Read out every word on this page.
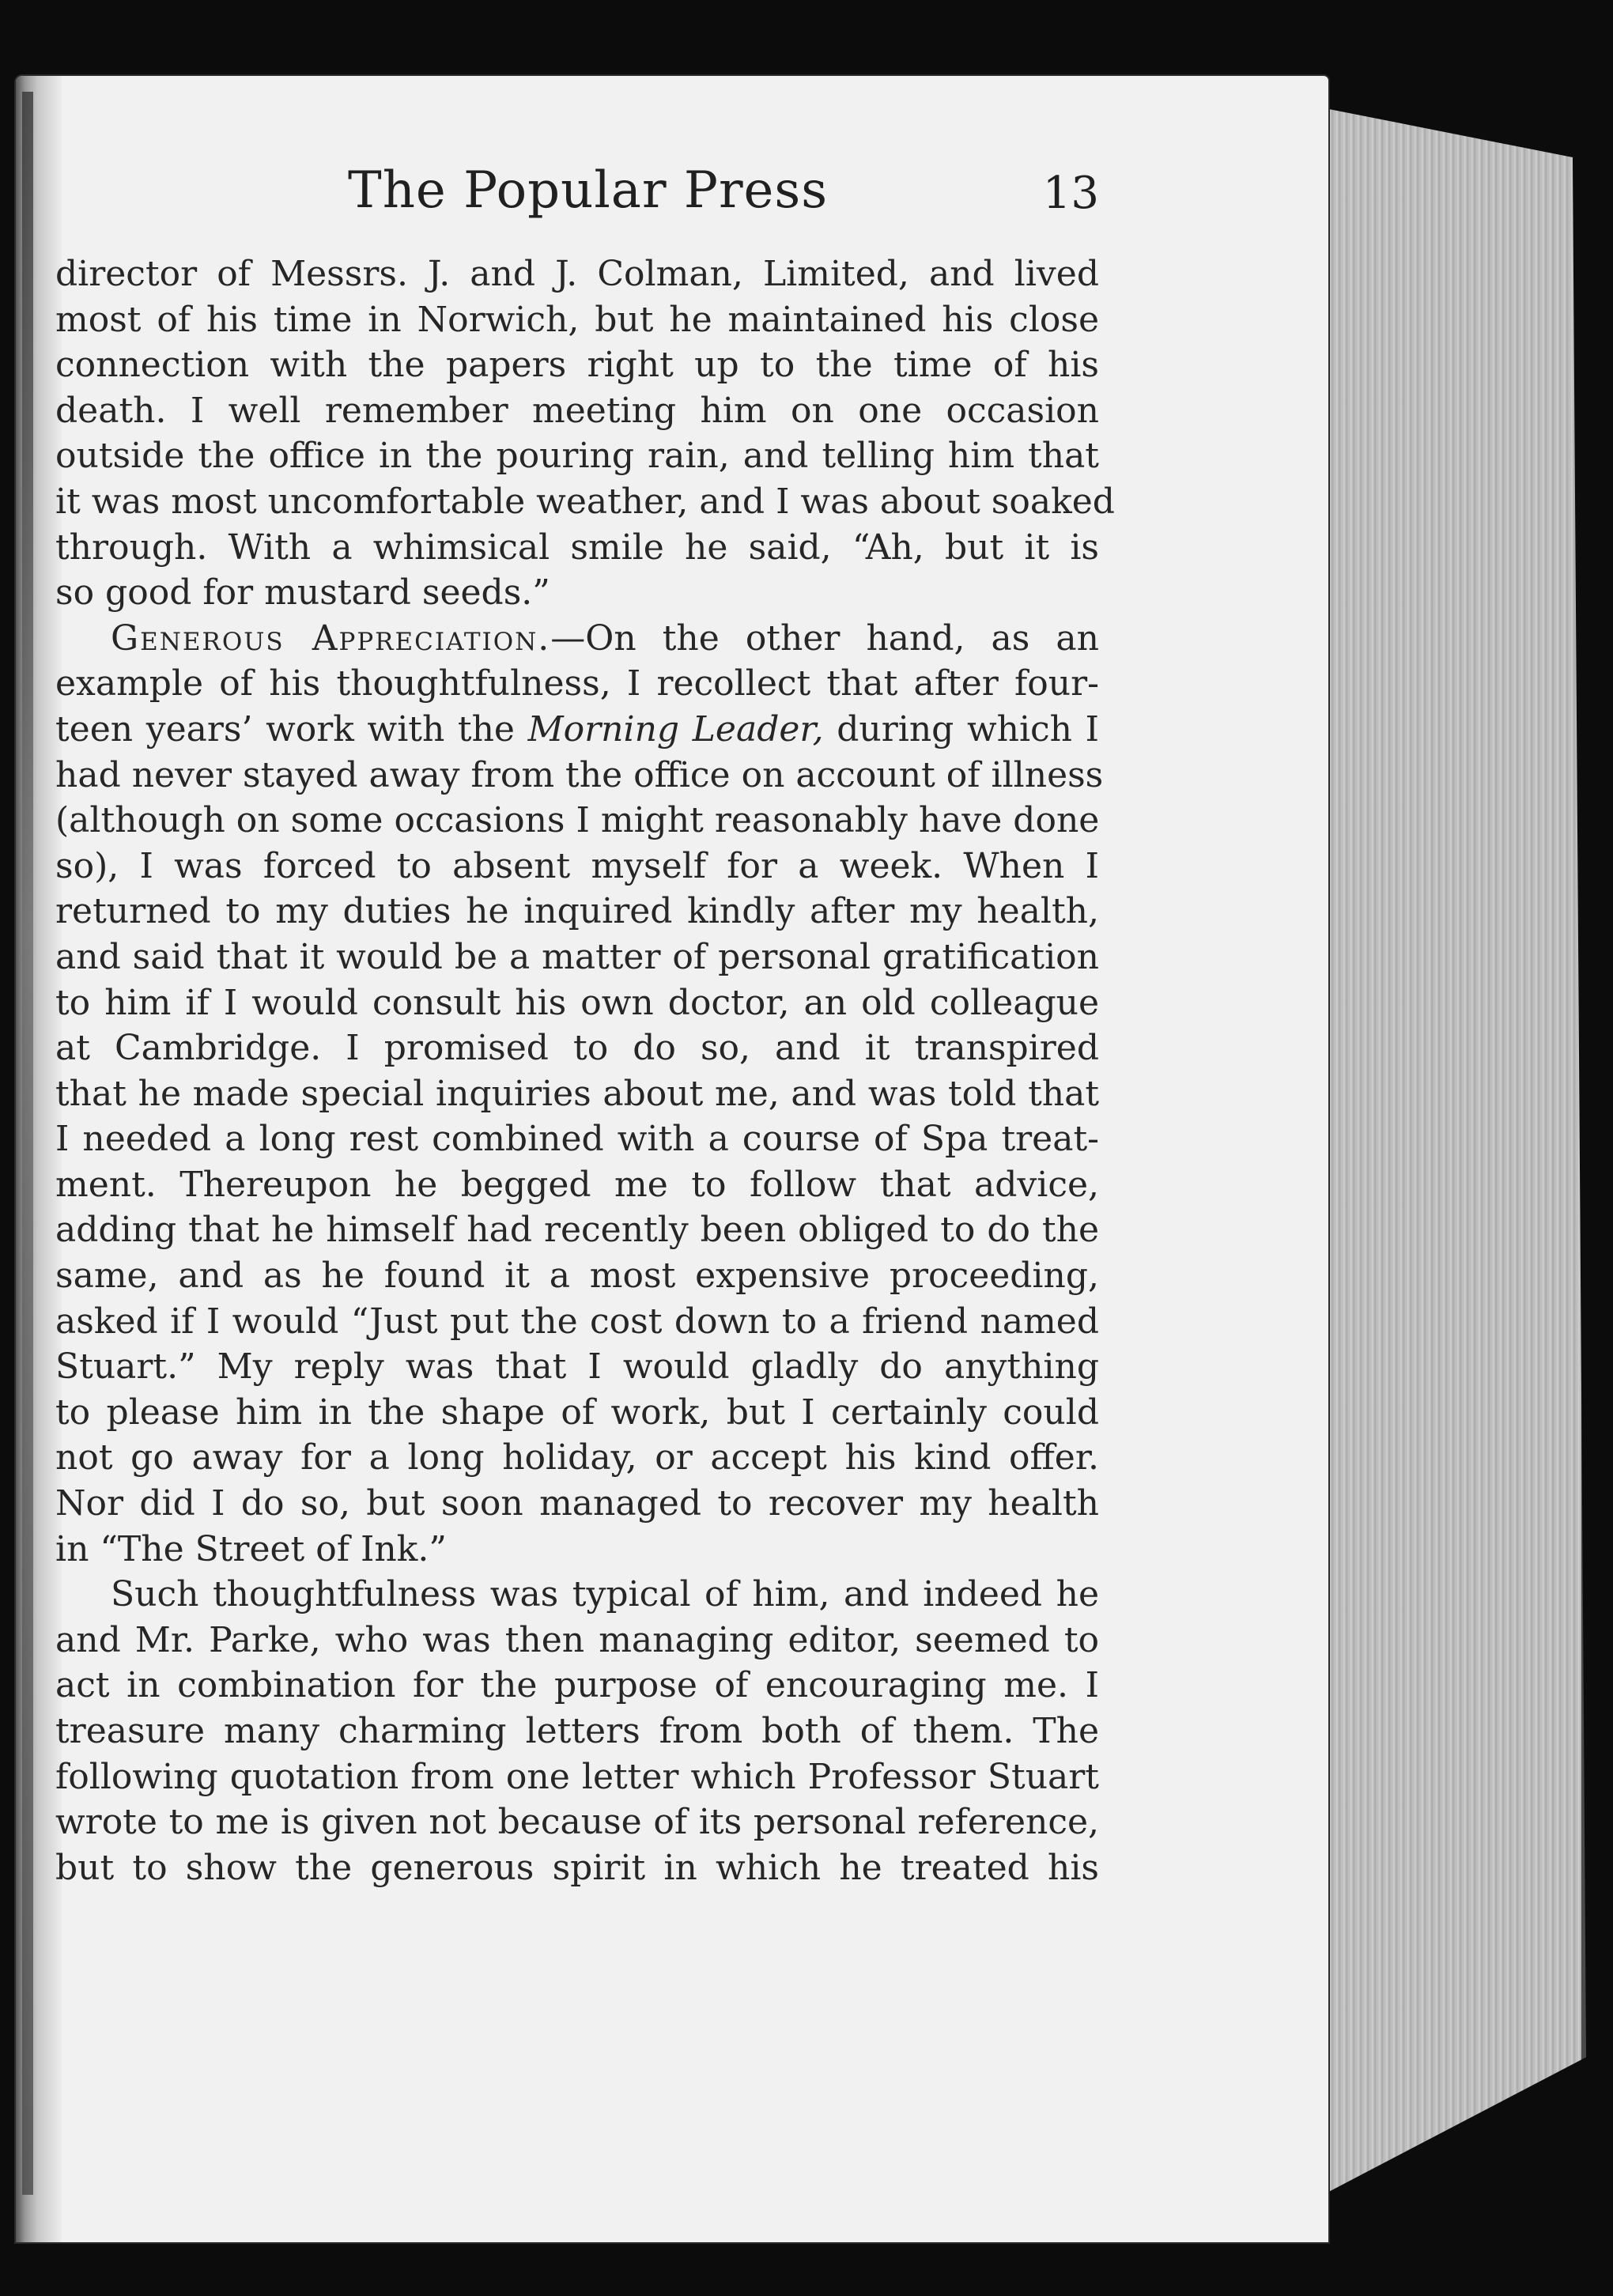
The Popular Press	13

director of Messrs. J. and J. Colman, Limited, and lived
most of his time in Norwich, but he maintained his close
connection with the papers right up to the time of his
death. I well remember meeting him on one occasion
outside the office in the pouring rain, and telling him that
it was most uncomfortable weather, and I was about soaked
through. With a whimsical smile he said, “Ah, but it is
so good for mustard seeds.”

Generous Appreciation.—On the other hand, as an
example of his thoughtfulness, I recollect that after four-
teen years’ work with the Morning Leader, during which I
had never stayed away from the office on account of illness
(although on some occasions I might reasonably have done
so), I was forced to absent myself for a week. When I
returned to my duties he inquired kindly after my health,
and said that it would be a matter of personal gratification
to him if I would consult his own doctor, an old colleague
at Cambridge. I promised to do so, and it transpired
that he made special inquiries about me, and was told that
I needed a long rest combined with a course of Spa treat-
ment. Thereupon he begged me to follow that advice,
adding that he himself had recently been obliged to do the
same, and as he found it a most expensive proceeding,
asked if I would “Just put the cost down to a friend named
Stuart.” My reply was that I would gladly do anything
to please him in the shape of work, but I certainly could
not go away for a long holiday, or accept his kind offer.
Nor did I do so, but soon managed to recover my health
in “The Street of Ink.”

Such thoughtfulness was typical of him, and indeed he
and Mr. Parke, who was then managing editor, seemed to
act in combination for the purpose of encouraging me. I
treasure many charming letters from both of them. The
following quotation from one letter which Professor Stuart
wrote to me is given not because of its personal reference,
but to show the generous spirit in which he treated his
